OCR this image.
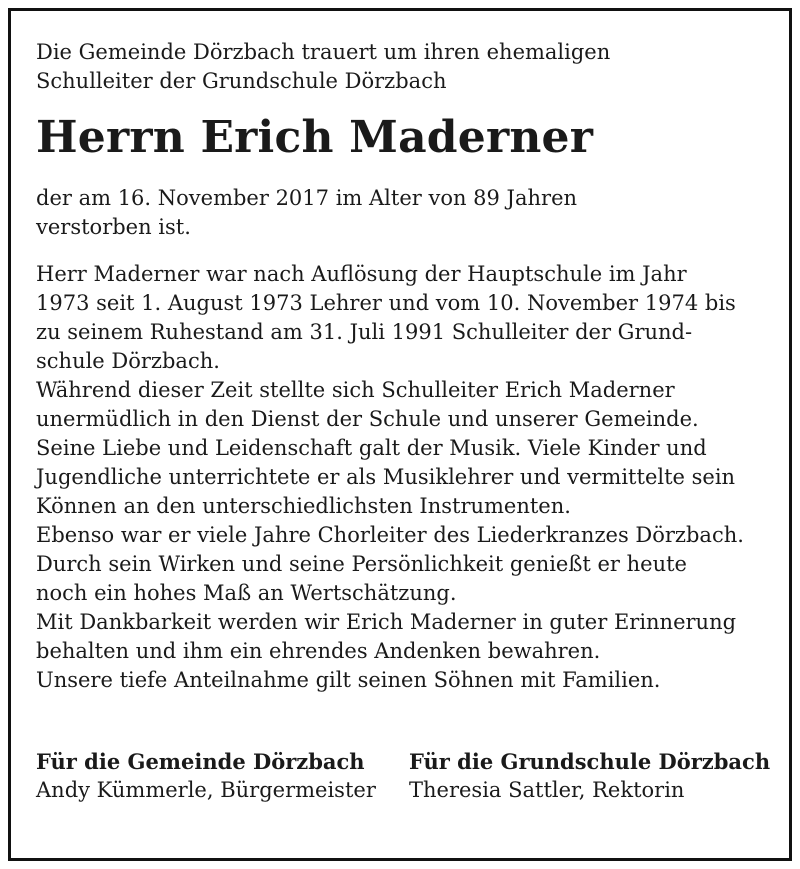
Die Gemeinde Dörzbach trauert um ihren ehemaligen
Schulleiter der Grundschule Dörzbach

Herrn Erich Maderner

der am 16. November 2017 im Alter von 89 Jahren
verstorben ist.

Herr Maderner war nach Auflösung der Hauptschule im Jahr
1973 seit 1. August 1973 Lehrer und vom 10. November 1974 bis
zu seinem Ruhestand am 31. Juli 1991 Schulleiter der Grund-
schule Dörzbach.
Während dieser Zeit stellte sich Schulleiter Erich Maderner
unermüdlich in den Dienst der Schule und unserer Gemeinde.
Seine Liebe und Leidenschaft galt der Musik. Viele Kinder und
Jugendliche unterrichtete er als Musiklehrer und vermittelte sein
Können an den unterschiedlichsten Instrumenten.
Ebenso war er viele Jahre Chorleiter des Liederkranzes Dörzbach.
Durch sein Wirken und seine Persönlichkeit genießt er heute
noch ein hohes Maß an Wertschätzung.
Mit Dankbarkeit werden wir Erich Maderner in guter Erinnerung
behalten und ihm ein ehrendes Andenken bewahren.
Unsere tiefe Anteilnahme gilt seinen Söhnen mit Familien.

Für die Gemeinde Dörzbach
Andy Kümmerle, Bürgermeister
Für die Grundschule Dörzbach
Theresia Sattler, Rektorin
